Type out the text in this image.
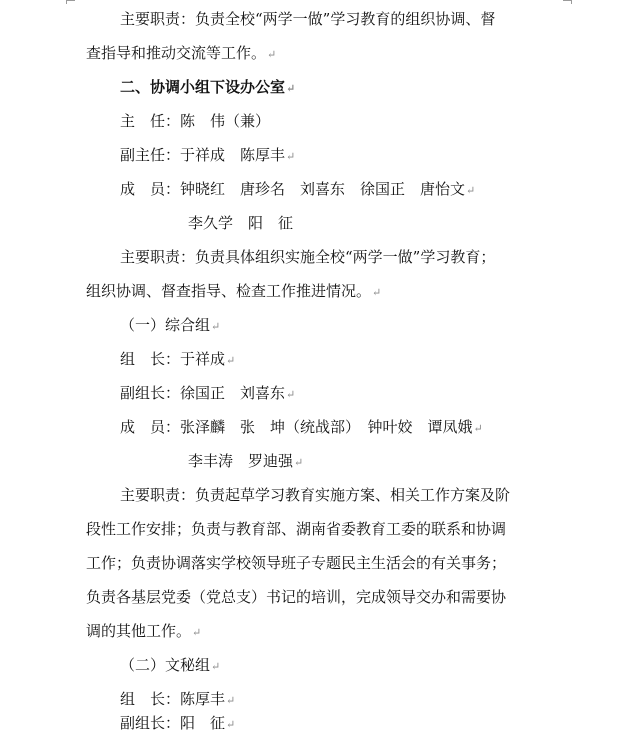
主要职责：负责全校“两学一做”学习教育的组织协调、督
查指导和推动交流等工作。↵
二、协调小组下设办公室↵
主　任：陈　伟（兼）
副主任：于祥成　陈厚丰↵
成　员：钟晓红　唐珍名　刘喜东　徐国正　唐怡文↵
李久学　阳　征
主要职责：负责具体组织实施全校“两学一做”学习教育；
组织协调、督查指导、检查工作推进情况。↵
（一）综合组↵
组　长：于祥成↵
副组长：徐国正　刘喜东↵
成　员：张泽麟　张　坤（统战部）　钟叶姣　谭凤娥↵
李丰涛　罗迪强↵
主要职责：负责起草学习教育实施方案、相关工作方案及阶
段性工作安排；负责与教育部、湖南省委教育工委的联系和协调
工作；负责协调落实学校领导班子专题民主生活会的有关事务；
负责各基层党委（党总支）书记的培训，完成领导交办和需要协
调的其他工作。↵
（二）文秘组↵
组　长：陈厚丰↵
副组长：阳　征↵
